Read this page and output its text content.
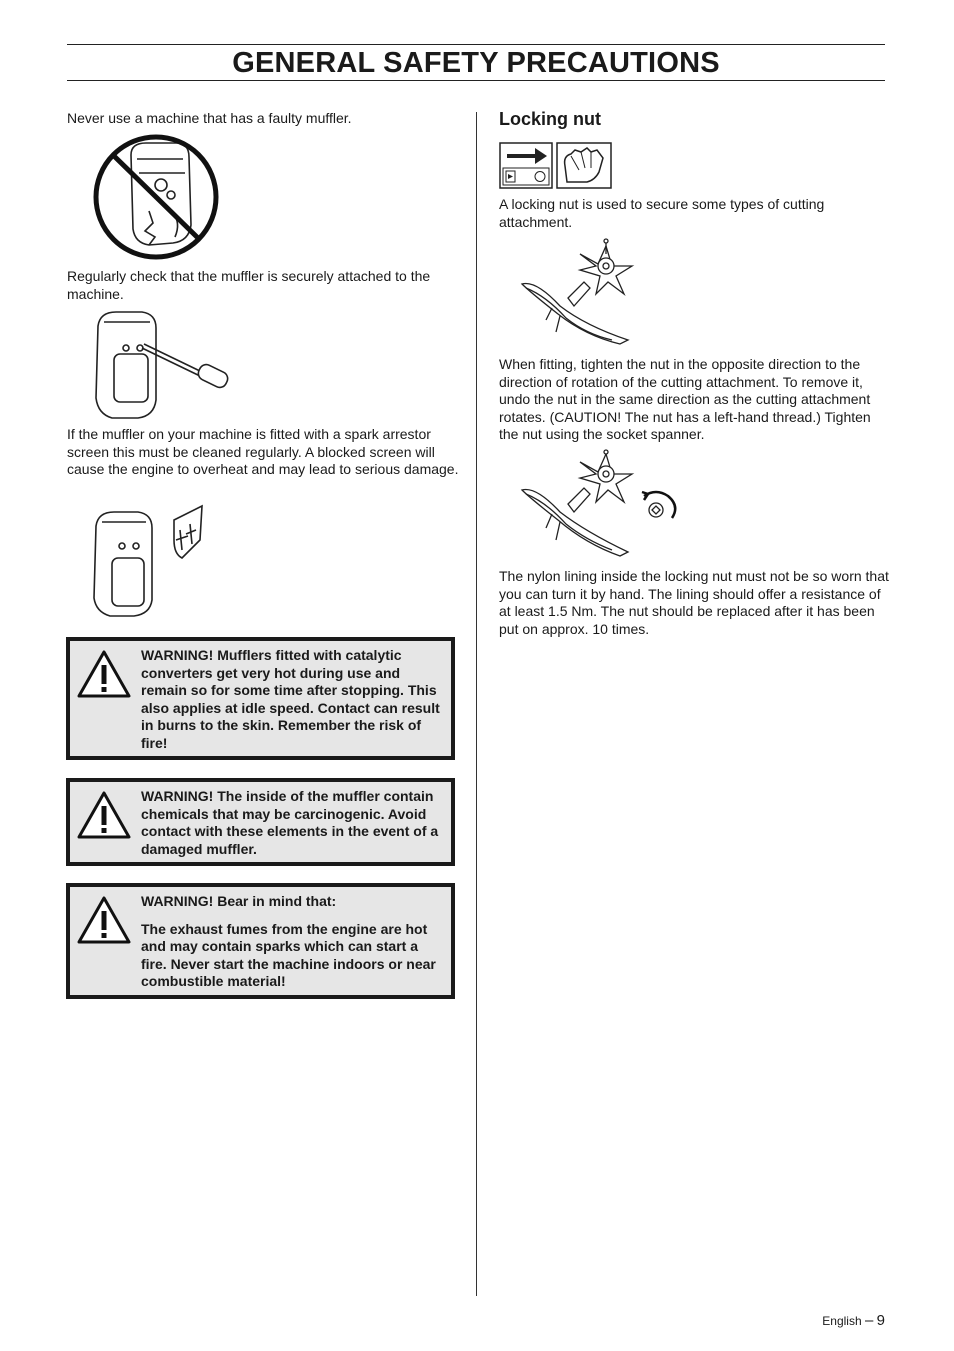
GENERAL SAFETY PRECAUTIONS

Never use a machine that has a faulty muffler.

Regularly check that the muffler is securely attached to the machine.

If the muffler on your machine is fitted with a spark arrestor screen this must be cleaned regularly. A blocked screen will cause the engine to overheat and may lead to serious damage.

WARNING! Mufflers fitted with catalytic converters get very hot during use and remain so for some time after stopping. This also applies at idle speed. Contact can result in burns to the skin. Remember the risk of fire!

WARNING! The inside of the muffler contain chemicals that may be carcinogenic. Avoid contact with these elements in the event of a damaged muffler.

WARNING! Bear in mind that:

The exhaust fumes from the engine are hot and may contain sparks which can start a fire. Never start the machine indoors or near combustible material!

Locking nut

A locking nut is used to secure some types of cutting attachment.

When fitting, tighten the nut in the opposite direction to the direction of rotation of the cutting attachment. To remove it, undo the nut in the same direction as the cutting attachment rotates. (CAUTION! The nut has a left-hand thread.) Tighten the nut using the socket spanner.

The nylon lining inside the locking nut must not be so worn that you can turn it by hand. The lining should offer a resistance of at least 1.5 Nm. The nut should be replaced after it has been put on approx. 10 times.

English – 9
